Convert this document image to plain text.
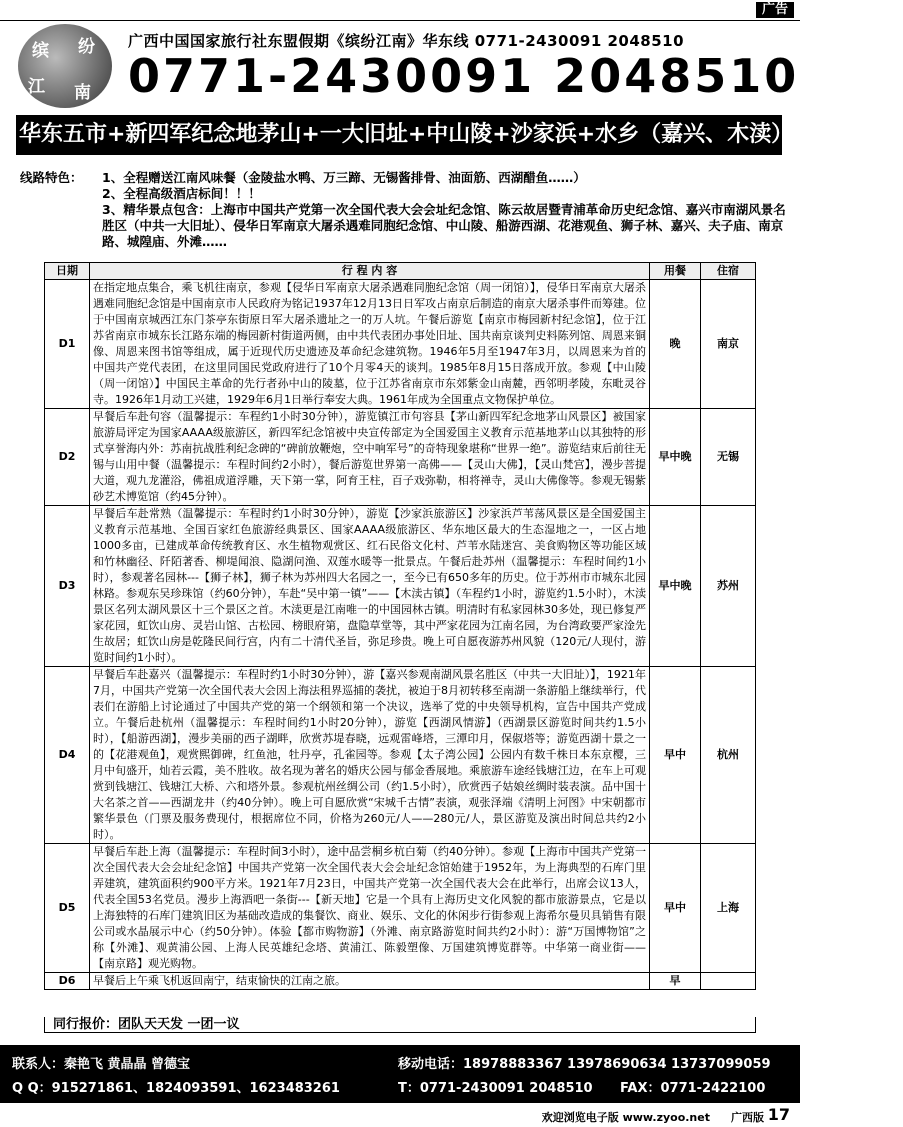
广告
缤 纷
江 南
广西中国国家旅行社东盟假期《缤纷江南》华东线 0771-2430091 2048510
0771-2430091 2048510
华东五市+新四军纪念地茅山+一大旧址+中山陵+沙家浜+水乡（嘉兴、木渎）红色六日游
线路特色： 1、全程赠送江南风味餐（金陵盐水鸭、万三蹄、无锡酱排骨、油面筋、西湖醋鱼……）

2、全程高级酒店标间！！！

3、精华景点包含：上海市中国共产党第一次全国代表大会会址纪念馆、陈云故居暨青浦革命历史纪念馆、嘉兴市南湖风景名胜区（中共一大旧址）、侵华日军南京大屠杀遇难同胞纪念馆、中山陵、船游西湖、花港观鱼、狮子林、嘉兴、夫子庙、南京路、城隍庙、外滩……

日期	行 程 内 容	用餐	住宿
D1	在指定地点集合，乘飞机往南京，参观【侵华日军南京大屠杀遇难同胞纪念馆（周一闭馆）】，侵华日军南京大屠杀遇难同胞纪念馆是中国南京市人民政府为铭记1937年12月13日日军攻占南京后制造的南京大屠杀事件而筹建。位于中国南京城西江东门茶亭东街原日军大屠杀遗址之一的万人坑。午餐后游览【南京市梅园新村纪念馆】，位于江苏省南京市城东长江路东端的梅园新村街道两侧，由中共代表团办事处旧址、国共南京谈判史料陈列馆、周恩来铜像、周恩来图书馆等组成，属于近现代历史遗迹及革命纪念建筑物。1946年5月至1947年3月，以周恩来为首的中国共产党代表团，在这里同国民党政府进行了10个月零4天的谈判。1985年8月15日落成开放。参观【中山陵（周一闭馆）】中国民主革命的先行者孙中山的陵墓，位于江苏省南京市东郊紫金山南麓，西邻明孝陵，东毗灵谷寺。1926年1月动工兴建，1929年6月1日举行奉安大典。1961年成为全国重点文物保护单位。	晚	南京
D2	早餐后车赴句容（温馨提示：车程约1小时30分钟），游览镇江市句容县【茅山新四军纪念地茅山风景区】被国家旅游局评定为国家AAAA级旅游区，新四军纪念馆被中央宣传部定为全国爱国主义教育示范基地茅山以其独特的形式享誉海内外：苏南抗战胜利纪念碑的“碑前放鞭炮，空中响军号”的奇特现象堪称“世界一绝”。游览结束后前往无锡与山用中餐（温馨提示：车程时间约2小时），餐后游览世界第一高佛——【灵山大佛】，【灵山梵宫】，漫步菩提大道，观九龙灌浴，佛祖成道浮雕，天下第一掌，阿育王柱，百子戏弥勒，相将禅寺，灵山大佛像等。参观无锡紫砂艺术博览馆（约45分钟）。	早中晚	无锡
D3	早餐后车赴常熟（温馨提示：车程时约1小时30分钟），游览【沙家浜旅游区】沙家浜芦苇荡风景区是全国爱国主义教育示范基地、全国百家红色旅游经典景区、国家AAAA级旅游区、华东地区最大的生态湿地之一，一区占地1000多亩，已建成革命传统教育区、水生植物观赏区、红石民俗文化村、芦苇水陆迷宫、美食购物区等功能区域和竹林幽径、阡陌著香、柳堤闻浪、隐湖问渔、双莲水暖等一批景点。午餐后赴苏州（温馨提示：车程时间约1小时），参观著名园林---【狮子林】，狮子林为苏州四大名园之一，至今已有650多年的历史。位于苏州市市城东北园林路。参观东吴珍珠馆（约60分钟），车赴“吴中第一镇”——【木渎古镇】（车程约1小时，游览约1.5小时），木渎景区名列太湖风景区十三个景区之首。木渎更是江南唯一的中国园林古镇。明清时有私家园林30多处，现已修复严家花园，虹饮山房、灵岩山馆、古松园、榜眼府第，盘隐草堂等，其中严家花园为江南名园，为台湾政要严家淦先生故居；虹饮山房是乾隆民间行宫，内有二十清代圣旨，弥足珍贵。晚上可自愿夜游苏州风貌（120元/人现付，游览时间约1小时）。	早中晚	苏州
D4	早餐后车赴嘉兴（温馨提示：车程时约1小时30分钟），游【嘉兴参观南湖风景名胜区（中共一大旧址）】，1921年7月，中国共产党第一次全国代表大会因上海法租界巡捕的袭扰，被迫于8月初转移至南湖一条游船上继续举行，代表们在游船上讨论通过了中国共产党的第一个纲领和第一个决议，选举了党的中央领导机构，宣告中国共产党成立。午餐后赴杭州（温馨提示：车程时间约1小时20分钟），游览【西湖风情游】（西湖景区游览时间共约1.5小时），【船游西湖】，漫步美丽的西子湖畔，欣赏苏堤春晓，远观雷峰塔，三潭印月，保俶塔等；游览西湖十景之一的【花港观鱼】，观赏熙御碑，红鱼池，牡丹亭，孔雀园等。参观【太子湾公园】公园内有数千株日本东京樱，三月中旬盛开，灿若云霞，美不胜收。故名现为著名的婚庆公园与郁金香展地。乘旅游车途经钱塘江边，在车上可观赏到钱塘江、钱塘江大桥、六和塔外景。参观杭州丝绸公司（约1.5小时），欣赏西子姑娘丝绸时装表演。品中国十大名茶之首——西湖龙井（约40分钟）。晚上可自愿欣赏“宋城千古情”表演，观张泽端《清明上河图》中宋朝都市繁华景色（门票及服务费现付，根据席位不同，价格为260元/人——280元/人，景区游览及演出时间总共约2小时）。	早中	杭州
D5	早餐后车赴上海（温馨提示：车程时间3小时），途中品尝桐乡杭白菊（约40分钟）。参观【上海市中国共产党第一次全国代表大会会址纪念馆】中国共产党第一次全国代表大会会址纪念馆始建于1952年，为上海典型的石库门里弄建筑，建筑面积约900平方米。1921年7月23日，中国共产党第一次全国代表大会在此举行，出席会议13人，代表全国53名党员。漫步上海酒吧一条街---【新天地】它是一个具有上海历史文化风貌的都市旅游景点，它是以上海独特的石库门建筑旧区为基础改造成的集餐饮、商业、娱乐、文化的休闲步行街参观上海希尔曼贝具销售有限公司或水晶展示中心（约50分钟）。体验【都市购物游】（外滩、南京路游览时间共约2小时）：游“万国博物馆”之称【外滩】、观黄浦公园、上海人民英雄纪念塔、黄浦江、陈毅塑像、万国建筑博览群等。中华第一商业街——【南京路】观光购物。	早中	上海
D6	早餐后上午乘飞机返回南宁，结束愉快的江南之旅。	早	
同行报价：团队天天发 一团一议
联系人：秦艳飞 黄晶晶 曾德宝	移动电话：18978883367 13978690634 13737099059
Q Q：915271861、1824093591、1623483261	T：0771-2430091 2048510 FAX：0771-2422100
欢迎浏览电子版 www.zyoo.net 广西版 17
